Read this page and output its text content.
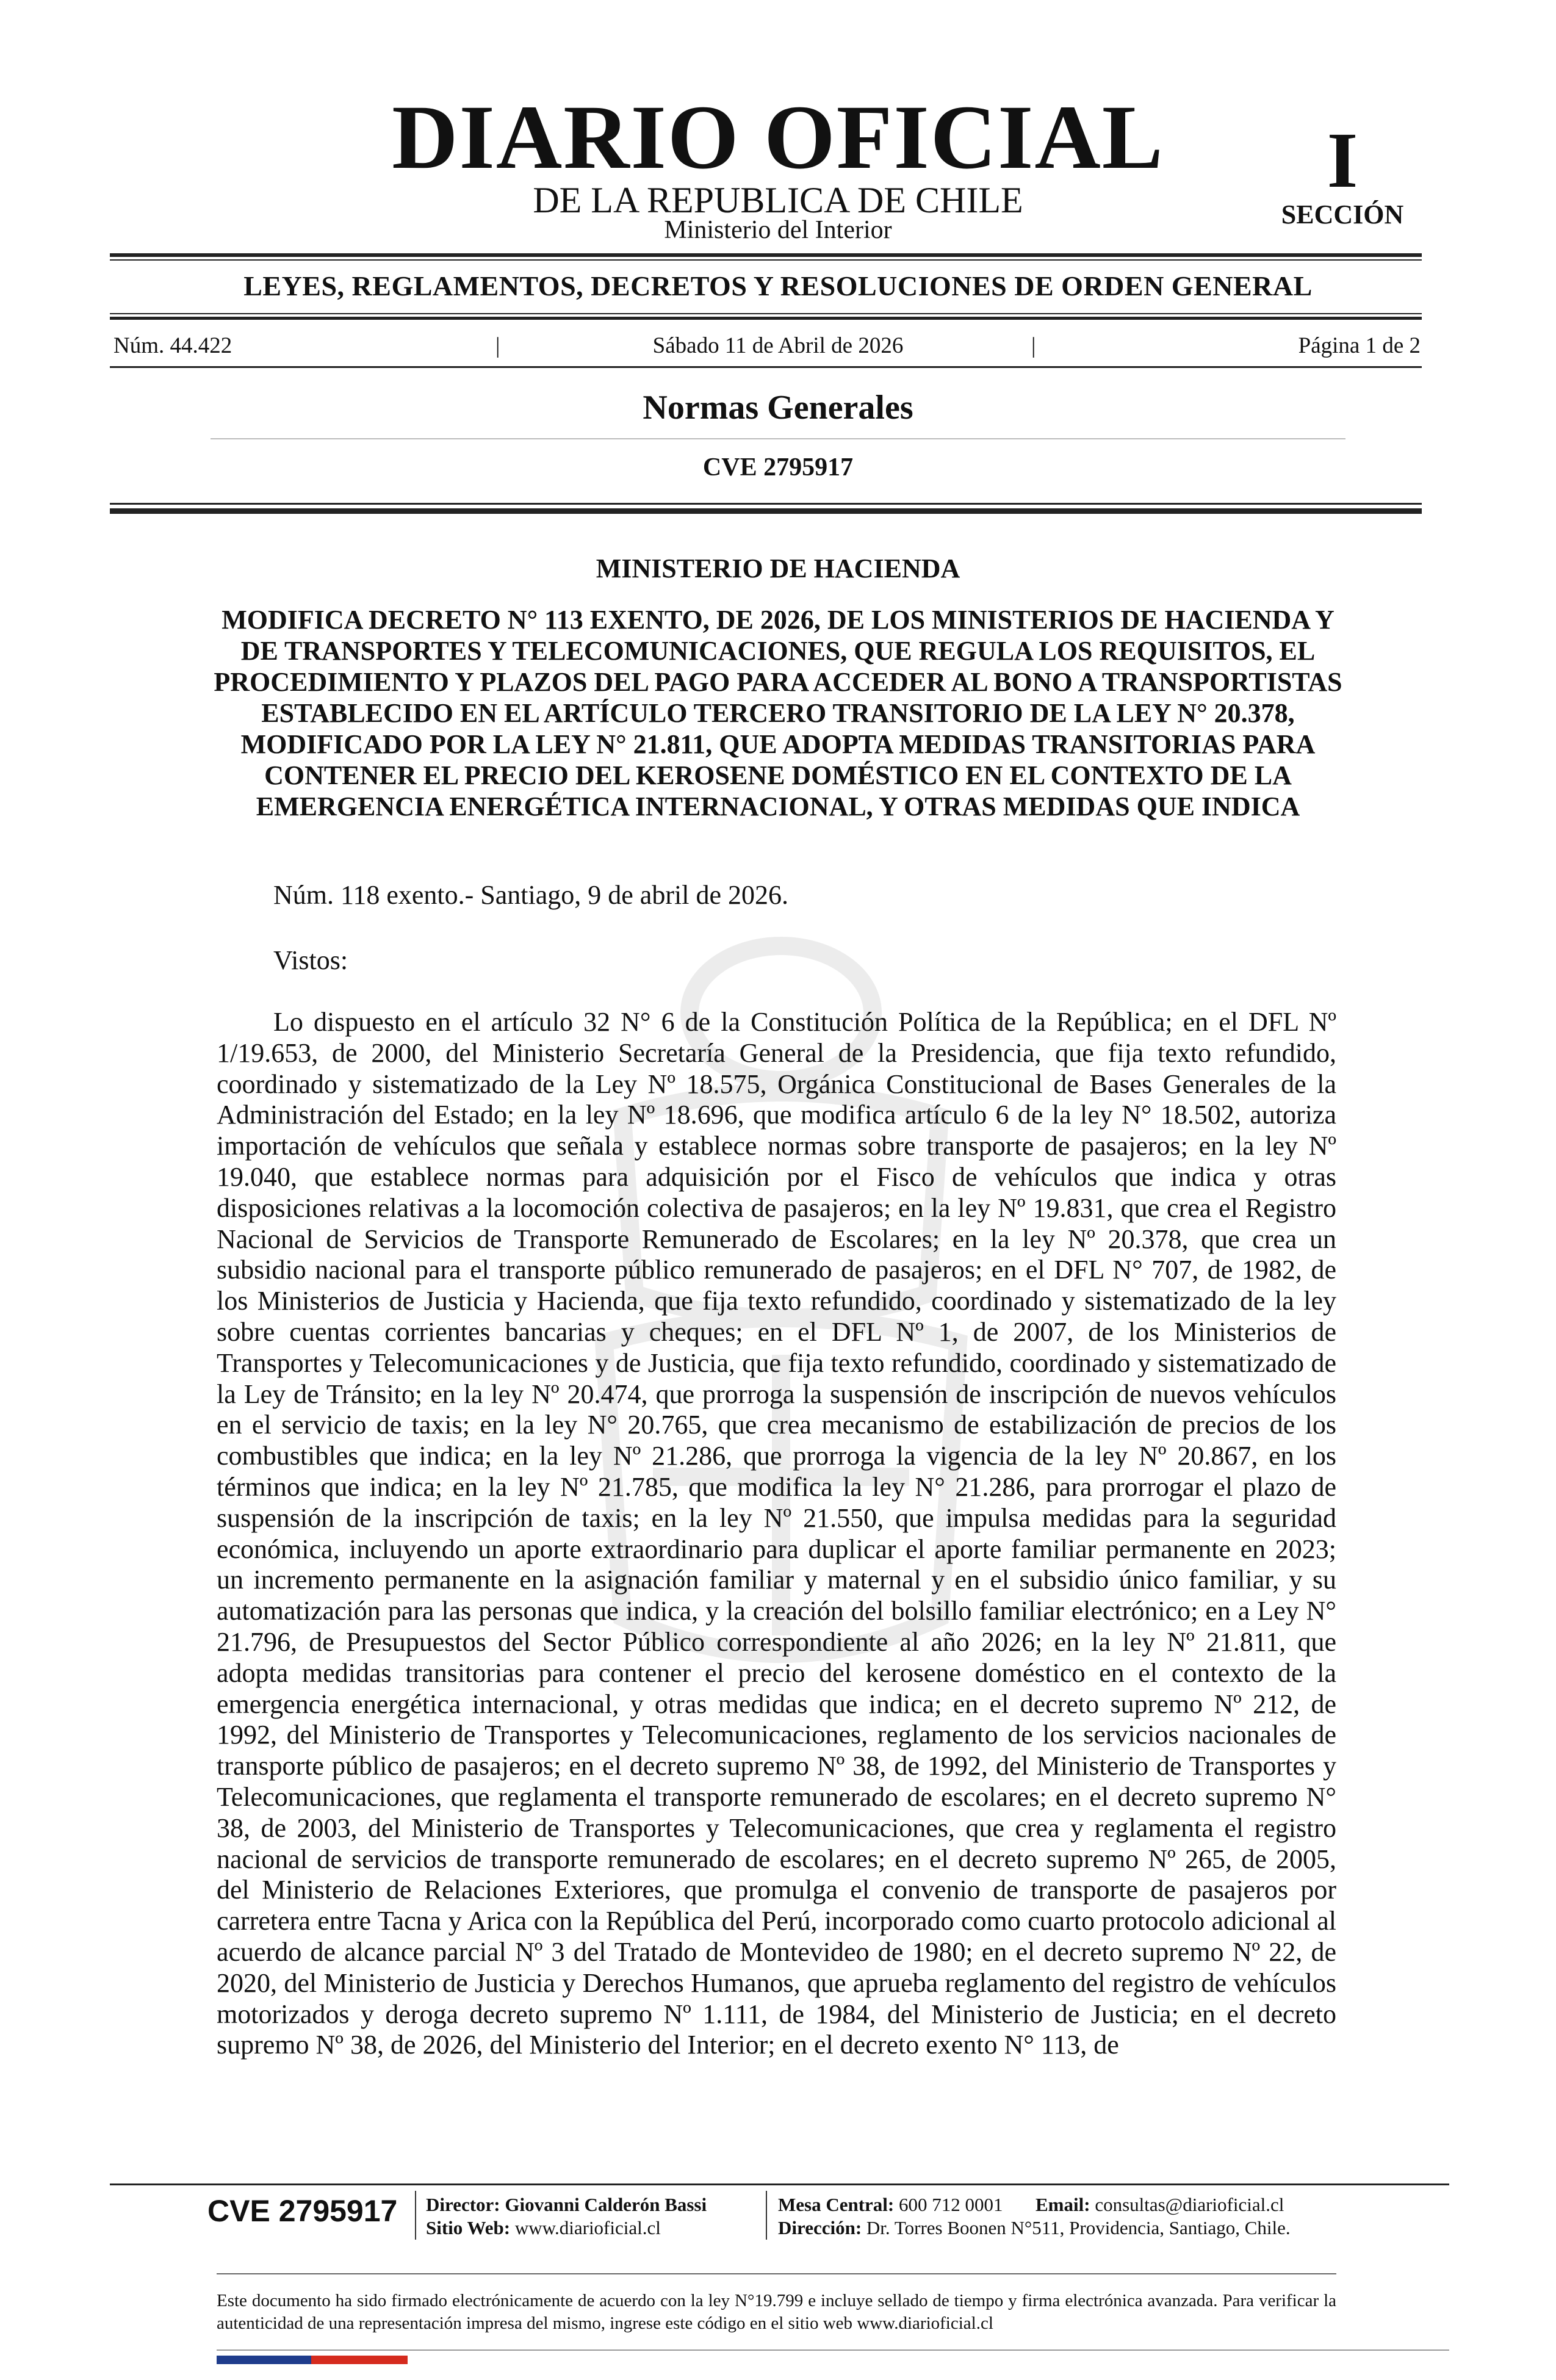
DIARIO OFICIAL
DE LA REPUBLICA DE CHILE
Ministerio del Interior
I
SECCIÓN
LEYES, REGLAMENTOS, DECRETOS Y RESOLUCIONES DE ORDEN GENERAL
Núm. 44.422	|	Sábado 11 de Abril de 2026	|	Página 1 de 2
Normas Generales
CVE 2795917
MINISTERIO DE HACIENDA
MODIFICA DECRETO N° 113 EXENTO, DE 2026, DE LOS MINISTERIOS DE HACIENDA Y DE TRANSPORTES Y TELECOMUNICACIONES, QUE REGULA LOS REQUISITOS, EL PROCEDIMIENTO Y PLAZOS DEL PAGO PARA ACCEDER AL BONO A TRANSPORTISTAS ESTABLECIDO EN EL ARTÍCULO TERCERO TRANSITORIO DE LA LEY N° 20.378, MODIFICADO POR LA LEY N° 21.811, QUE ADOPTA MEDIDAS TRANSITORIAS PARA CONTENER EL PRECIO DEL KEROSENE DOMÉSTICO EN EL CONTEXTO DE LA EMERGENCIA ENERGÉTICA INTERNACIONAL, Y OTRAS MEDIDAS QUE INDICA
Núm. 118 exento.- Santiago, 9 de abril de 2026.
Vistos:
Lo dispuesto en el artículo 32 N° 6 de la Constitución Política de la República; en el DFL Nº 1/19.653, de 2000, del Ministerio Secretaría General de la Presidencia, que fija texto refundido, coordinado y sistematizado de la Ley Nº 18.575, Orgánica Constitucional de Bases Generales de la Administración del Estado; en la ley Nº 18.696, que modifica artículo 6 de la ley N° 18.502, autoriza importación de vehículos que señala y establece normas sobre transporte de pasajeros; en la ley Nº 19.040, que establece normas para adquisición por el Fisco de vehículos que indica y otras disposiciones relativas a la locomoción colectiva de pasajeros; en la ley Nº 19.831, que crea el Registro Nacional de Servicios de Transporte Remunerado de Escolares; en la ley Nº 20.378, que crea un subsidio nacional para el transporte público remunerado de pasajeros; en el DFL N° 707, de 1982, de los Ministerios de Justicia y Hacienda, que fija texto refundido, coordinado y sistematizado de la ley sobre cuentas corrientes bancarias y cheques; en el DFL Nº 1, de 2007, de los Ministerios de Transportes y Telecomunicaciones y de Justicia, que fija texto refundido, coordinado y sistematizado de la Ley de Tránsito; en la ley Nº 20.474, que prorroga la suspensión de inscripción de nuevos vehículos en el servicio de taxis; en la ley N° 20.765, que crea mecanismo de estabilización de precios de los combustibles que indica; en la ley Nº 21.286, que prorroga la vigencia de la ley Nº 20.867, en los términos que indica; en la ley Nº 21.785, que modifica la ley N° 21.286, para prorrogar el plazo de suspensión de la inscripción de taxis; en la ley Nº 21.550, que impulsa medidas para la seguridad económica, incluyendo un aporte extraordinario para duplicar el aporte familiar permanente en 2023; un incremento permanente en la asignación familiar y maternal y en el subsidio único familiar, y su automatización para las personas que indica, y la creación del bolsillo familiar electrónico; en a Ley N° 21.796, de Presupuestos del Sector Público correspondiente al año 2026; en la ley Nº 21.811, que adopta medidas transitorias para contener el precio del kerosene doméstico en el contexto de la emergencia energética internacional, y otras medidas que indica; en el decreto supremo Nº 212, de 1992, del Ministerio de Transportes y Telecomunicaciones, reglamento de los servicios nacionales de transporte público de pasajeros; en el decreto supremo Nº 38, de 1992, del Ministerio de Transportes y Telecomunicaciones, que reglamenta el transporte remunerado de escolares; en el decreto supremo N° 38, de 2003, del Ministerio de Transportes y Telecomunicaciones, que crea y reglamenta el registro nacional de servicios de transporte remunerado de escolares; en el decreto supremo Nº 265, de 2005, del Ministerio de Relaciones Exteriores, que promulga el convenio de transporte de pasajeros por carretera entre Tacna y Arica con la República del Perú, incorporado como cuarto protocolo adicional al acuerdo de alcance parcial Nº 3 del Tratado de Montevideo de 1980; en el decreto supremo Nº 22, de 2020, del Ministerio de Justicia y Derechos Humanos, que aprueba reglamento del registro de vehículos motorizados y deroga decreto supremo Nº 1.111, de 1984, del Ministerio de Justicia; en el decreto supremo Nº 38, de 2026, del Ministerio del Interior; en el decreto exento N° 113, de
CVE 2795917 Director: Giovanni Calderón Bassi
Sitio Web: www.diarioficial.cl
Mesa Central: 600 712 0001 Email: consultas@diarioficial.cl
Dirección: Dr. Torres Boonen N°511, Providencia, Santiago, Chile.
Este documento ha sido firmado electrónicamente de acuerdo con la ley N°19.799 e incluye sellado de tiempo y firma electrónica avanzada. Para verificar la autenticidad de una representación impresa del mismo, ingrese este código en el sitio web www.diarioficial.cl
